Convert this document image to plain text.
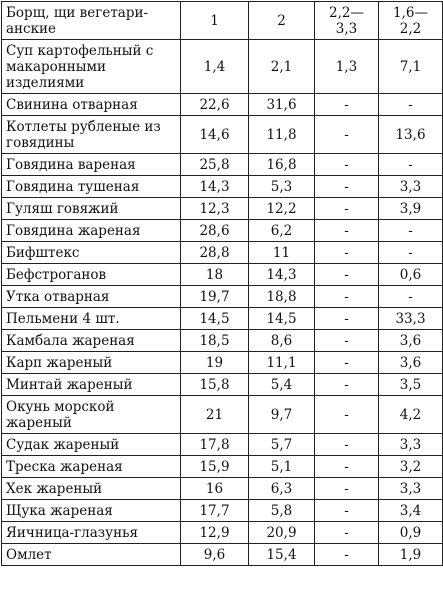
Борщ, щи вегетари-анские	1	2	2,2—3,3	1,6—2,2
Суп картофельный с макаронными изделиями	1,4	2,1	1,3	7,1
Свинина отварная	22,6	31,6	-	-
Котлеты рубленые из говядины	14,6	11,8	-	13,6
Говядина вареная	25,8	16,8	-	-
Говядина тушеная	14,3	5,3	-	3,3
Гуляш говяжий	12,3	12,2	-	3,9
Говядина жареная	28,6	6,2	-	-
Бифштекс	28,8	11	-	-
Бефстроганов	18	14,3	-	0,6
Утка отварная	19,7	18,8	-	-
Пельмени 4 шт.	14,5	14,5	-	33,3
Камбала жареная	18,5	8,6	-	3,6
Карп жареный	19	11,1	-	3,6
Минтай жареный	15,8	5,4	-	3,5
Окунь морской жареный	21	9,7	-	4,2
Судак жареный	17,8	5,7	-	3,3
Треска жареная	15,9	5,1	-	3,2
Хек жареный	16	6,3	-	3,3
Щука жареная	17,7	5,8	-	3,4
Яичница-глазунья	12,9	20,9	-	0,9
Омлет	9,6	15,4	-	1,9
